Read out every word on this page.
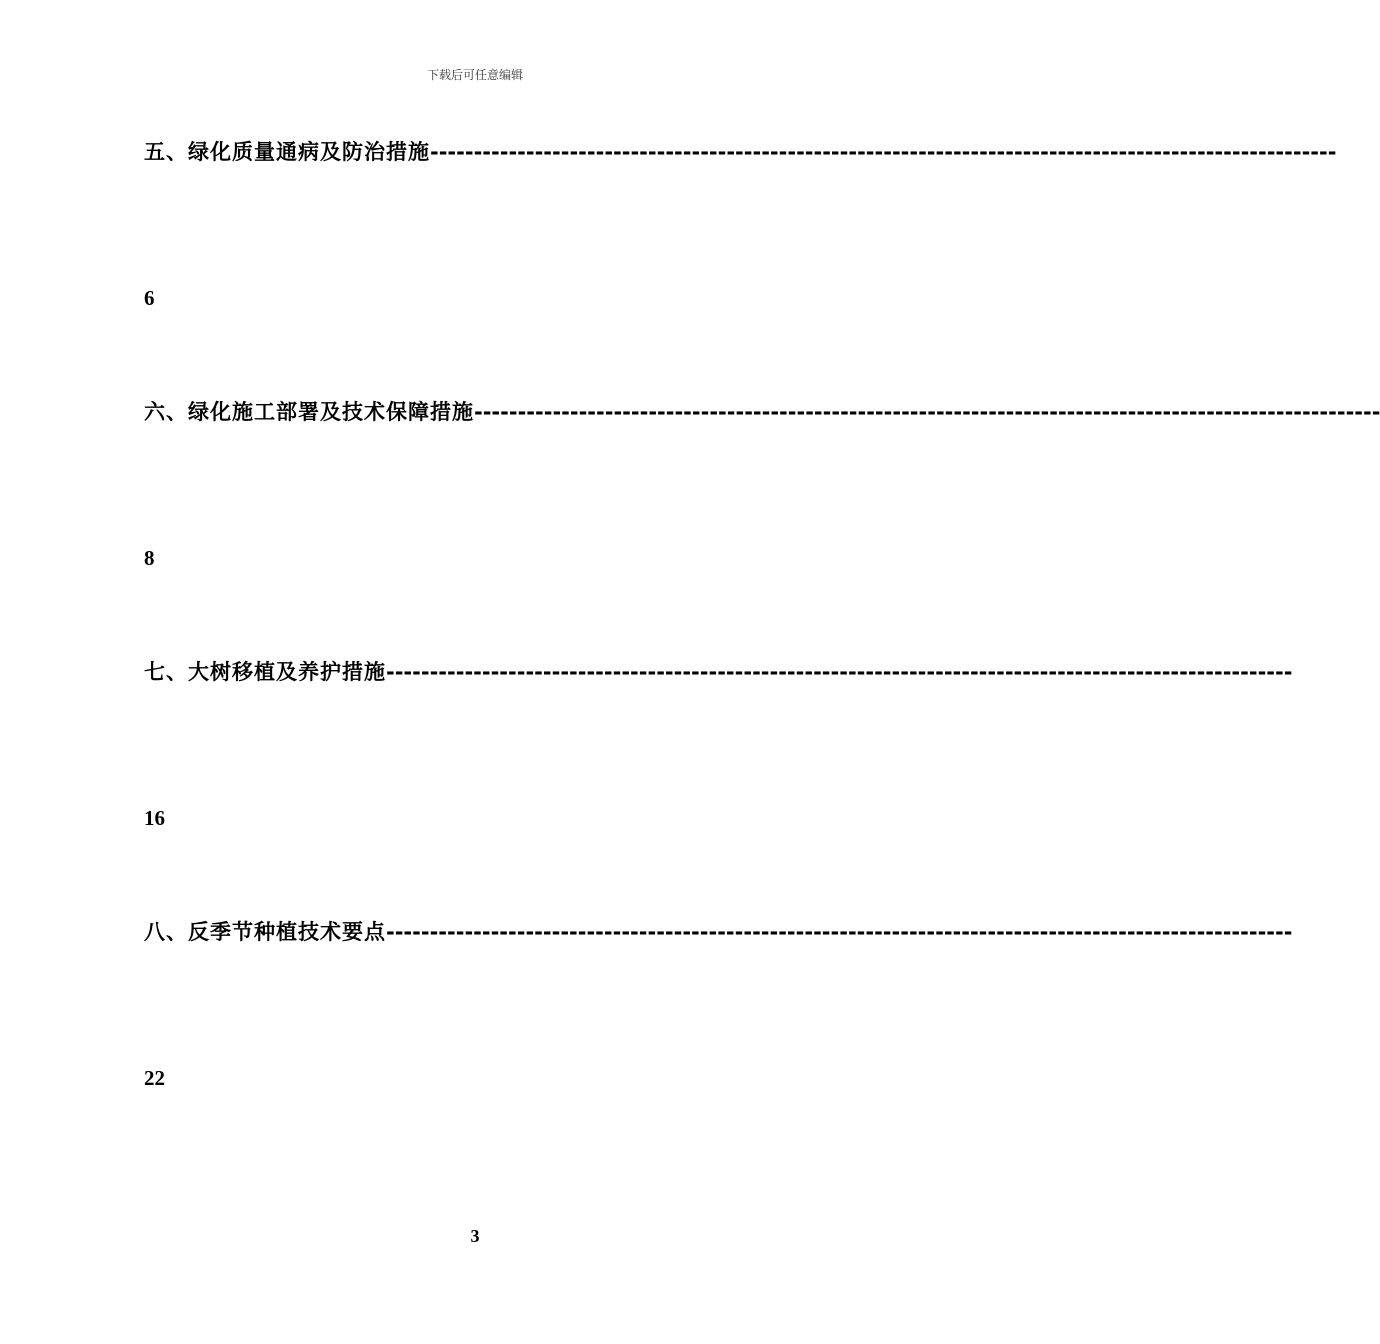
下载后可任意编辑
五、绿化质量通病及防治措施 --------------------------------------------------------------------------------------------------------
6
六、绿化施工部署及技术保障措施 --------------------------------------------------------------------------------------------------------
8
七、大树移植及养护措施 --------------------------------------------------------------------------------------------------------
16
八、反季节种植技术要点 --------------------------------------------------------------------------------------------------------
22
3
